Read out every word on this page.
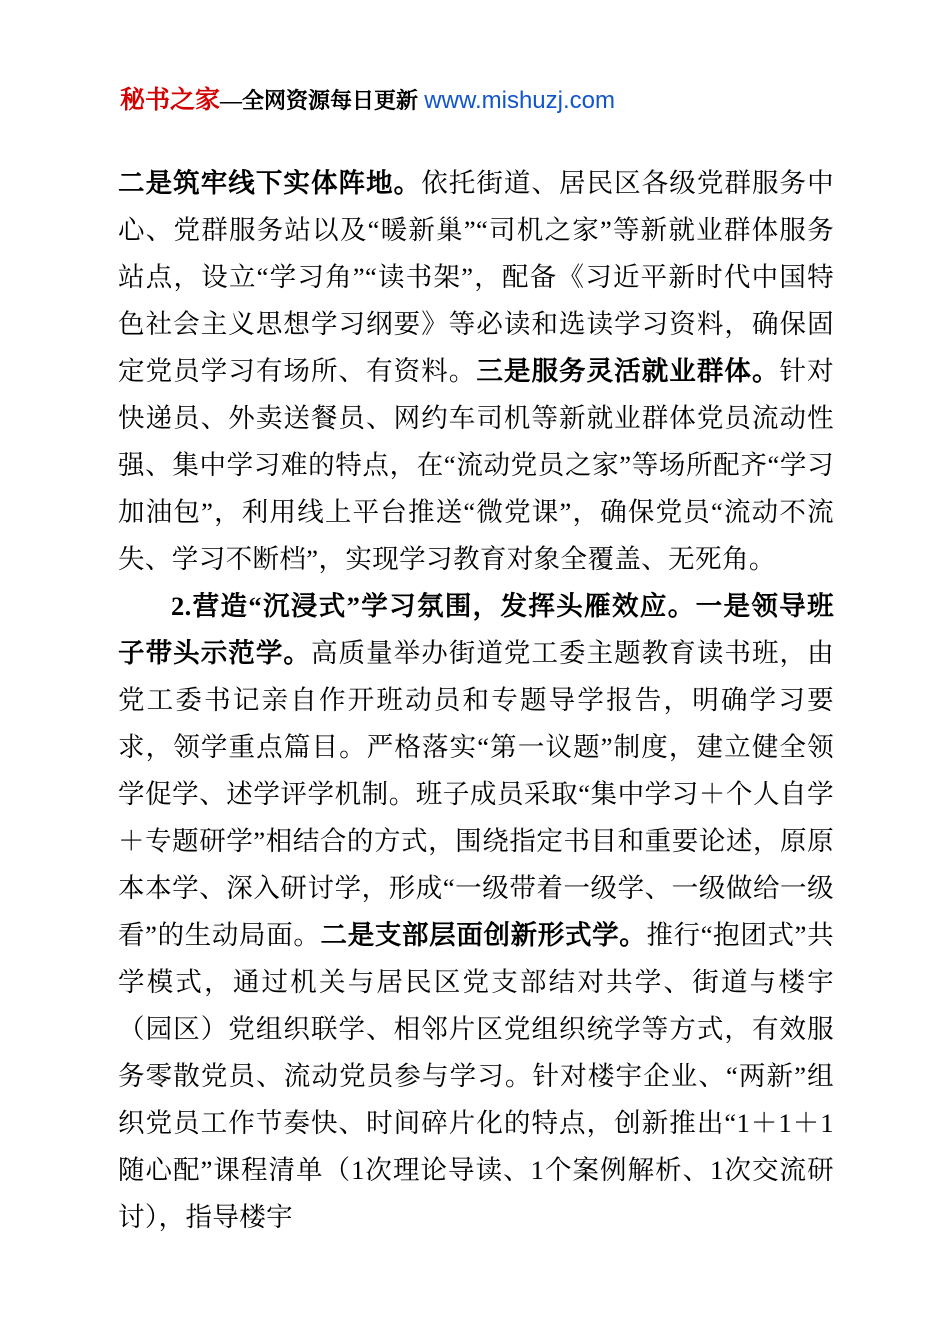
秘书之家—全网资源每日更新 www.mishuzj.com

二是筑牢线下实体阵地。依托街道、居民区各级党群服务中心、党群服务站以及“暖新巢”“司机之家”等新就业群体服务站点，设立“学习角”“读书架”，配备《习近平新时代中国特色社会主义思想学习纲要》等必读和选读学习资料，确保固定党员学习有场所、有资料。三是服务灵活就业群体。针对快递员、外卖送餐员、网约车司机等新就业群体党员流动性强、集中学习难的特点，在“流动党员之家”等场所配齐“学习加油包”，利用线上平台推送“微党课”，确保党员“流动不流失、学习不断档”，实现学习教育对象全覆盖、无死角。

2.营造“沉浸式”学习氛围，发挥头雁效应。一是领导班子带头示范学。高质量举办街道党工委主题教育读书班，由党工委书记亲自作开班动员和专题导学报告，明确学习要求，领学重点篇目。严格落实“第一议题”制度，建立健全领学促学、述学评学机制。班子成员采取“集中学习＋个人自学＋专题研学”相结合的方式，围绕指定书目和重要论述，原原本本学、深入研讨学，形成“一级带着一级学、一级做给一级看”的生动局面。二是支部层面创新形式学。推行“抱团式”共学模式，通过机关与居民区党支部结对共学、街道与楼宇（园区）党组织联学、相邻片区党组织统学等方式，有效服务零散党员、流动党员参与学习。针对楼宇企业、“两新”组织党员工作节奏快、时间碎片化的特点，创新推出“1＋1＋1随心配”课程清单（1次理论导读、1个案例解析、1次交流研讨），指导楼宇
